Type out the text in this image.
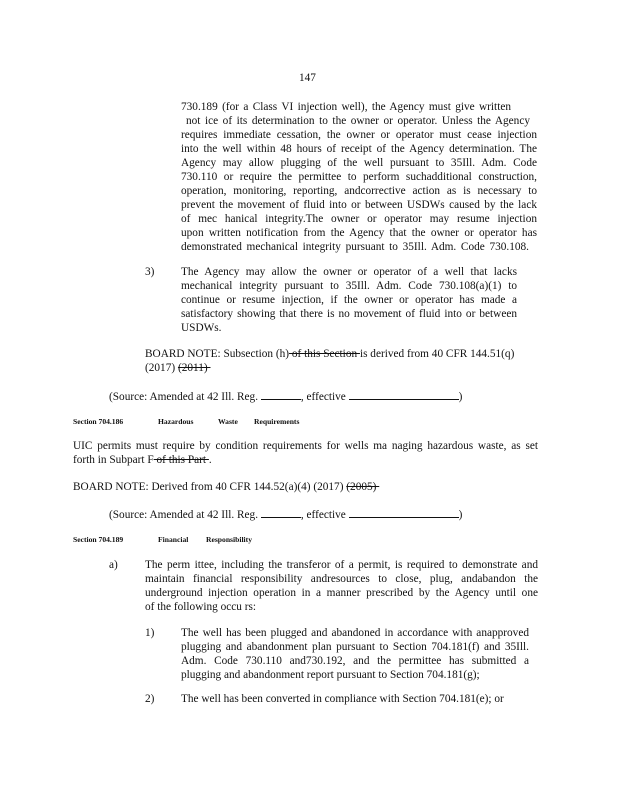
147
730.189 (for a Class VI injection well), the Agency must give written
not ice of its determination to the owner or operator. Unless the Agency
requires immediate cessation, the owner or operator must cease injection
into the well within 48 hours of receipt of the Agency determination. The
Agency may allow plugging of the well pursuant to 35Ill. Adm. Code
730.110 or require the permittee to perform suchadditional construction,
operation, monitoring, reporting, andcorrective action as is necessary to
prevent the movement of fluid into or between USDWs caused by the lack
of mec hanical integrity.The owner or operator may resume injection
upon written notification from the Agency that the owner or operator has
demonstrated mechanical integrity pursuant to 35Ill. Adm. Code 730.108.
3) The Agency may allow the owner or operator of a well that lacks
mechanical integrity pursuant to 35Ill. Adm. Code 730.108(a)(1) to
continue or resume injection, if the owner or operator has made a
satisfactory showing that there is no movement of fluid into or between
USDWs.
BOARD NOTE: Subsection (h) of this Section is derived from 40 CFR 144.51(q)
(2017) (2011)
(Source: Amended at 42 Ill. Reg.	, effective	)
Section 704.186	Hazardous	Waste Requirements
UIC permits must require by condition requirements for wells ma naging hazardous waste, as set
forth in Subpart F of this Part .
BOARD NOTE: Derived from 40 CFR 144.52(a)(4) (2017) (2005)
(Source: Amended at 42 Ill. Reg.	, effective	)
Section 704.189	Financial Responsibility
a) The perm ittee, including the transferor of a permit, is required to demonstrate and
maintain financial responsibility andresources to close, plug, andabandon the
underground injection operation in a manner prescribed by the Agency until one
of the following occu rs:
1) The well has been plugged and abandoned in accordance with anapproved
plugging and abandonment plan pursuant to Section 704.181(f) and 35Ill.
Adm. Code 730.110 and730.192, and the permittee has submitted a
plugging and abandonment report pursuant to Section 704.181(g);
2) The well has been converted in compliance with Section 704.181(e); or
